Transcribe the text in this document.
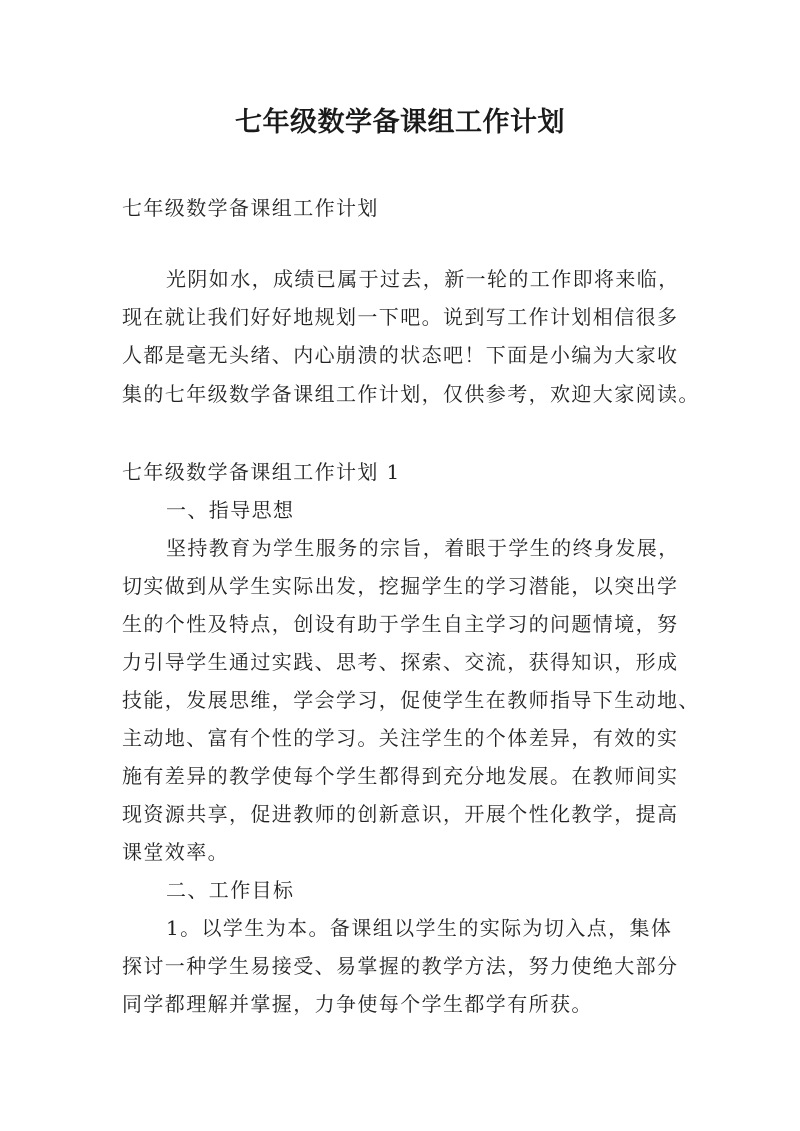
七年级数学备课组工作计划
七年级数学备课组工作计划
光阴如水，成绩已属于过去，新一轮的工作即将来临，
现在就让我们好好地规划一下吧。说到写工作计划相信很多
人都是毫无头绪、内心崩溃的状态吧！下面是小编为大家收
集的七年级数学备课组工作计划，仅供参考，欢迎大家阅读。
七年级数学备课组工作计划 1
一、指导思想
坚持教育为学生服务的宗旨，着眼于学生的终身发展，
切实做到从学生实际出发，挖掘学生的学习潜能，以突出学
生的个性及特点，创设有助于学生自主学习的问题情境，努
力引导学生通过实践、思考、探索、交流，获得知识，形成
技能，发展思维，学会学习，促使学生在教师指导下生动地、
主动地、富有个性的学习。关注学生的个体差异，有效的实
施有差异的教学使每个学生都得到充分地发展。在教师间实
现资源共享，促进教师的创新意识，开展个性化教学，提高
课堂效率。
二、工作目标
1。以学生为本。备课组以学生的实际为切入点，集体
探讨一种学生易接受、易掌握的教学方法，努力使绝大部分
同学都理解并掌握，力争使每个学生都学有所获。
